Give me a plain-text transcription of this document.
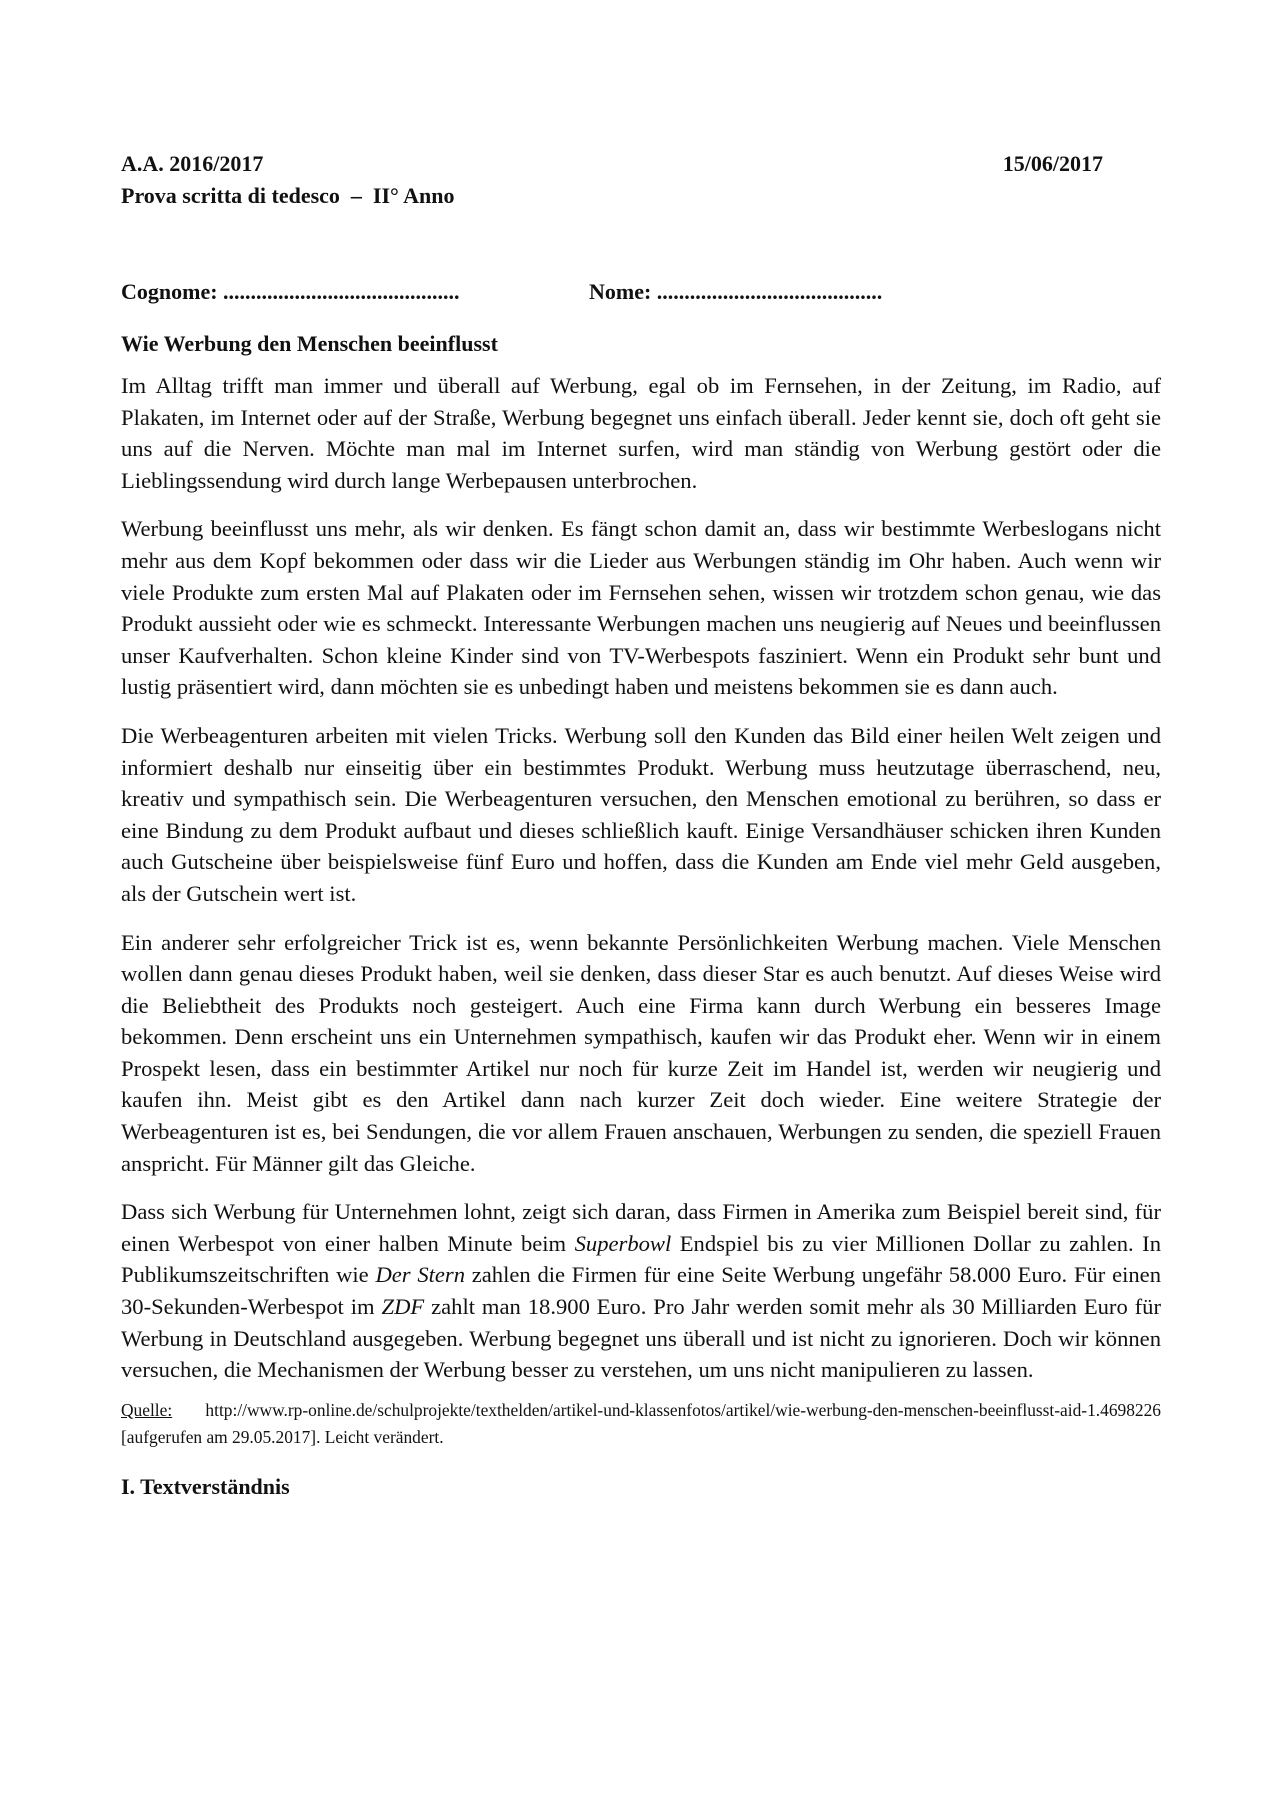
A.A. 2016/2017	15/06/2017
Prova scritta di tedesco  –  II° Anno
Cognome: ...........................................	Nome: .........................................
Wie Werbung den Menschen beeinflusst

Im Alltag trifft man immer und überall auf Werbung, egal ob im Fernsehen, in der Zeitung, im Radio, auf Plakaten, im Internet oder auf der Straße, Werbung begegnet uns einfach überall. Jeder kennt sie, doch oft geht sie uns auf die Nerven. Möchte man mal im Internet surfen, wird man ständig von Werbung gestört oder die Lieblingssendung wird durch lange Werbepausen unterbrochen.

Werbung beeinflusst uns mehr, als wir denken. Es fängt schon damit an, dass wir bestimmte Werbeslogans nicht mehr aus dem Kopf bekommen oder dass wir die Lieder aus Werbungen ständig im Ohr haben. Auch wenn wir viele Produkte zum ersten Mal auf Plakaten oder im Fernsehen sehen, wissen wir trotzdem schon genau, wie das Produkt aussieht oder wie es schmeckt. Interessante Werbungen machen uns neugierig auf Neues und beeinflussen unser Kaufverhalten. Schon kleine Kinder sind von TV-Werbespots fasziniert. Wenn ein Produkt sehr bunt und lustig präsentiert wird, dann möchten sie es unbedingt haben und meistens bekommen sie es dann auch.

Die Werbeagenturen arbeiten mit vielen Tricks. Werbung soll den Kunden das Bild einer heilen Welt zeigen und informiert deshalb nur einseitig über ein bestimmtes Produkt. Werbung muss heutzutage überraschend, neu, kreativ und sympathisch sein. Die Werbeagenturen versuchen, den Menschen emotional zu berühren, so dass er eine Bindung zu dem Produkt aufbaut und dieses schließlich kauft. Einige Versandhäuser schicken ihren Kunden auch Gutscheine über beispielsweise fünf Euro und hoffen, dass die Kunden am Ende viel mehr Geld ausgeben, als der Gutschein wert ist.

Ein anderer sehr erfolgreicher Trick ist es, wenn bekannte Persönlichkeiten Werbung machen. Viele Menschen wollen dann genau dieses Produkt haben, weil sie denken, dass dieser Star es auch benutzt. Auf dieses Weise wird die Beliebtheit des Produkts noch gesteigert. Auch eine Firma kann durch Werbung ein besseres Image bekommen. Denn erscheint uns ein Unternehmen sympathisch, kaufen wir das Produkt eher. Wenn wir in einem Prospekt lesen, dass ein bestimmter Artikel nur noch für kurze Zeit im Handel ist, werden wir neugierig und kaufen ihn. Meist gibt es den Artikel dann nach kurzer Zeit doch wieder. Eine weitere Strategie der Werbeagenturen ist es, bei Sendungen, die vor allem Frauen anschauen, Werbungen zu senden, die speziell Frauen anspricht. Für Männer gilt das Gleiche.

Dass sich Werbung für Unternehmen lohnt, zeigt sich daran, dass Firmen in Amerika zum Beispiel bereit sind, für einen Werbespot von einer halben Minute beim Superbowl Endspiel bis zu vier Millionen Dollar zu zahlen. In Publikumszeitschriften wie Der Stern zahlen die Firmen für eine Seite Werbung ungefähr 58.000 Euro. Für einen 30-Sekunden-Werbespot im ZDF zahlt man 18.900 Euro. Pro Jahr werden somit mehr als 30 Milliarden Euro für Werbung in Deutschland ausgegeben. Werbung begegnet uns überall und ist nicht zu ignorieren. Doch wir können versuchen, die Mechanismen der Werbung besser zu verstehen, um uns nicht manipulieren zu lassen.

Quelle:  http://www.rp-online.de/schulprojekte/texthelden/artikel-und-klassenfotos/artikel/wie-werbung-den-menschen-beeinflusst-aid-1.4698226 [aufgerufen am 29.05.2017]. Leicht verändert.
I. Textverständnis
